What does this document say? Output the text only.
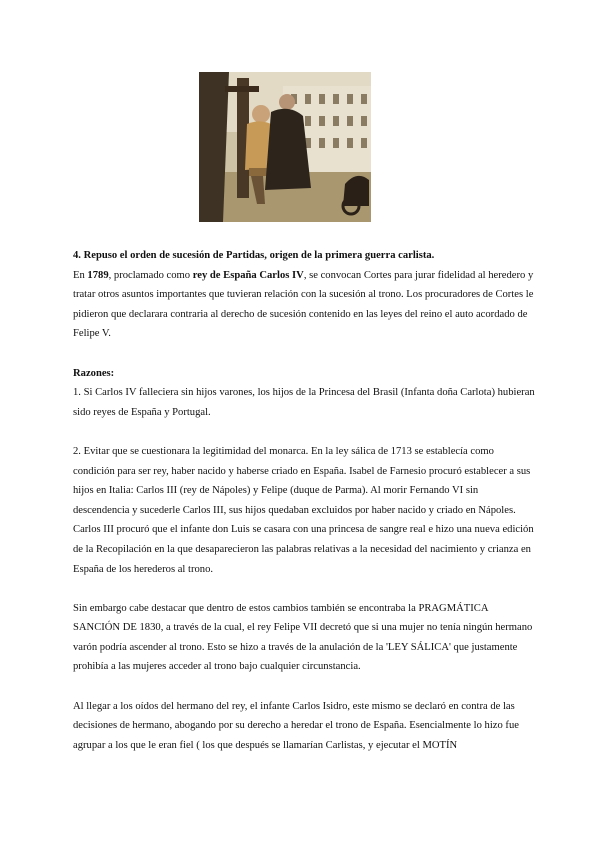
4. Repuso el orden de sucesión de Partidas, origen de la primera guerra carlista.

En 1789, proclamado como rey de España Carlos IV, se convocan Cortes para jurar fidelidad al heredero y tratar otros asuntos importantes que tuvieran relación con la sucesión al trono. Los procuradores de Cortes le pidieron que declarara contraria al derecho de sucesión contenido en las leyes del reino el auto acordado de Felipe V.

Razones:

1. Si Carlos IV falleciera sin hijos varones, los hijos de la Princesa del Brasil (Infanta doña Carlota) hubieran sido reyes de España y Portugal.

2. Evitar que se cuestionara la legitimidad del monarca. En la ley sálica de 1713 se establecía como condición para ser rey, haber nacido y haberse criado en España. Isabel de Farnesio procuró establecer a sus hijos en Italia: Carlos III (rey de Nápoles) y Felipe (duque de Parma). Al morir Fernando VI sin descendencia y sucederle Carlos III, sus hijos quedaban excluidos por haber nacido y criado en Nápoles. Carlos III procuró que el infante don Luis se casara con una princesa de sangre real e hizo una nueva edición de la Recopilación en la que desaparecieron las palabras relativas a la necesidad del nacimiento y crianza en España de los herederos al trono.

Sin embargo cabe destacar que dentro de estos cambios también se encontraba la PRAGMÁTICA SANCIÓN DE 1830, a través de la cual, el rey Felipe VII decretó que si una mujer no tenía ningún hermano varón podría ascender al trono. Esto se hizo a través de la anulación de la 'LEY SÁLICA' que justamente prohibía a las mujeres acceder al trono bajo cualquier circunstancia.

Al llegar a los oídos del hermano del rey, el infante Carlos Isidro, este mismo se declaró en contra de las decisiones de hermano, abogando por su derecho a heredar el trono de España. Esencialmente lo hizo fue agrupar a los que le eran fiel ( los que después se llamarían Carlistas, y ejecutar el MOTÍN
